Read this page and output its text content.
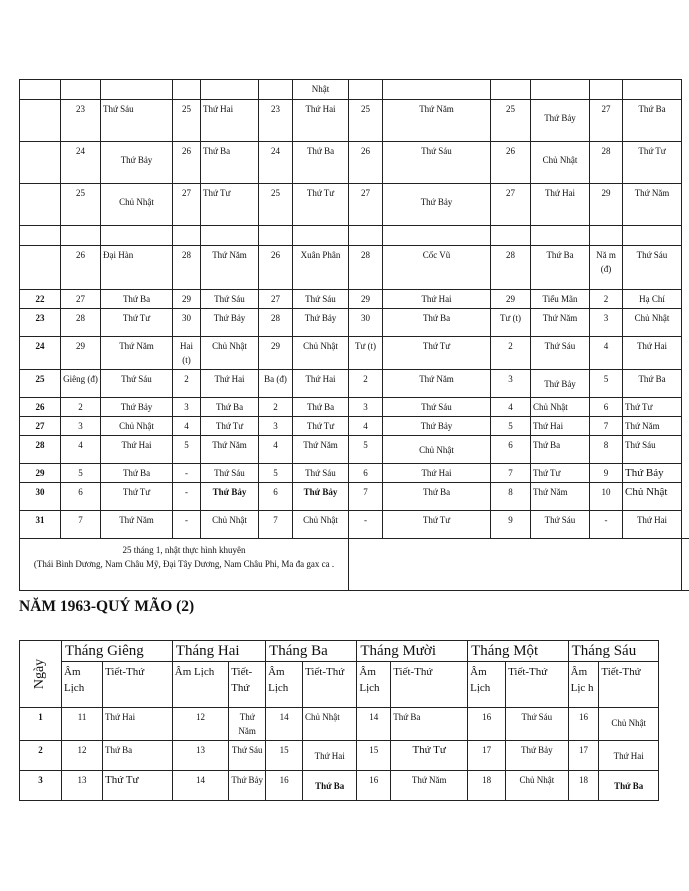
						Nhật							
	23	Thứ Sáu	25	Thứ Hai	23	Thứ Hai	25	Thứ Năm	25	Thứ Bảy	27	Thứ Ba	
	24	Thứ Bảy	26	Thứ Ba	24	Thứ Ba	26	Thứ Sáu	26	Chủ Nhật	28	Thứ Tư	
	25	Chủ Nhật	27	Thứ Tư	25	Thứ Tư	27	Thứ Bảy	27	Thứ Hai	29	Thứ Năm	

	26	Đại Hàn	28	Thứ Năm	26	Xuân Phân	28	Cốc Vũ	28	Thứ Ba	Nă m (đ)	Thứ Sáu	
22	27	Thứ Ba	29	Thứ Sáu	27	Thứ Sáu	29	Thứ Hai	29	Tiểu Mãn	2	Hạ Chí	
23	28	Thứ Tư	30	Thứ Bảy	28	Thứ Bảy	30	Thứ Ba	Tư (t)	Thứ Năm	3	Chủ Nhật	
24	29	Thứ Năm	Hai (t)	Chủ Nhật	29	Chủ Nhật	Tư (t)	Thứ Tư	2	Thứ Sáu	4	Thứ Hai	
25	Giêng (đ)	Thứ Sáu	2	Thứ Hai	Ba (đ)	Thứ Hai	2	Thứ Năm	3	Thứ Bảy	5	Thứ Ba	
26	2	Thứ Bảy	3	Thứ Ba	2	Thứ Ba	3	Thứ Sáu	4	Chủ Nhật	6	Thứ Tư	
27	3	Chủ Nhật	4	Thứ Tư	3	Thứ Tư	4	Thứ Bảy	5	Thứ Hai	7	Thứ Năm	
28	4	Thứ Hai	5	Thứ Năm	4	Thứ Năm	5	Chủ Nhật	6	Thứ Ba	8	Thứ Sáu	
29	5	Thứ Ba	-	Thứ Sáu	5	Thứ Sáu	6	Thứ Hai	7	Thứ Tư	9	Thứ Bảy	
30	6	Thứ Tư	-	Thứ Bảy	6	Thứ Bảy	7	Thứ Ba	8	Thứ Năm	10	Chủ Nhật	
31	7	Thứ Năm	-	Chủ Nhật	7	Chủ Nhật	-	Thứ Tư	9	Thứ Sáu	-	Thứ Hai	

25 tháng 1, nhật thực hình khuyên
(Thái Bình Dương, Nam Châu Mỹ, Đại Tây Dương, Nam Châu Phi, Ma đa gax ca .													

NĂM 1963-QUÝ MÃO (2)
Ngày	Tháng Giêng		Tháng Hai		Tháng Ba		Tháng Mười		Tháng Một		Tháng Sáu	
	Âm Lịch	Tiết-Thứ	Âm Lịch	Tiết-Thứ	Âm Lịch	Tiết-Thứ	Âm Lịch	Tiết-Thứ	Âm Lịch	Tiết-Thứ	Âm Lịc h	Tiết-Thứ
1	11	Thứ Hai	12	Thứ Năm	14	Chủ Nhật	14	Thứ Ba	16	Thứ Sáu	16	Chủ Nhật
2	12	Thứ Ba	13	Thứ Sáu	15	Thứ Hai	15	Thứ Tư	17	Thứ Bảy	17	Thứ Hai
3	13	Thứ Tư	14	Thứ Bảy	16	Thứ Ba	16	Thứ Năm	18	Chủ Nhật	18	Thứ Ba
